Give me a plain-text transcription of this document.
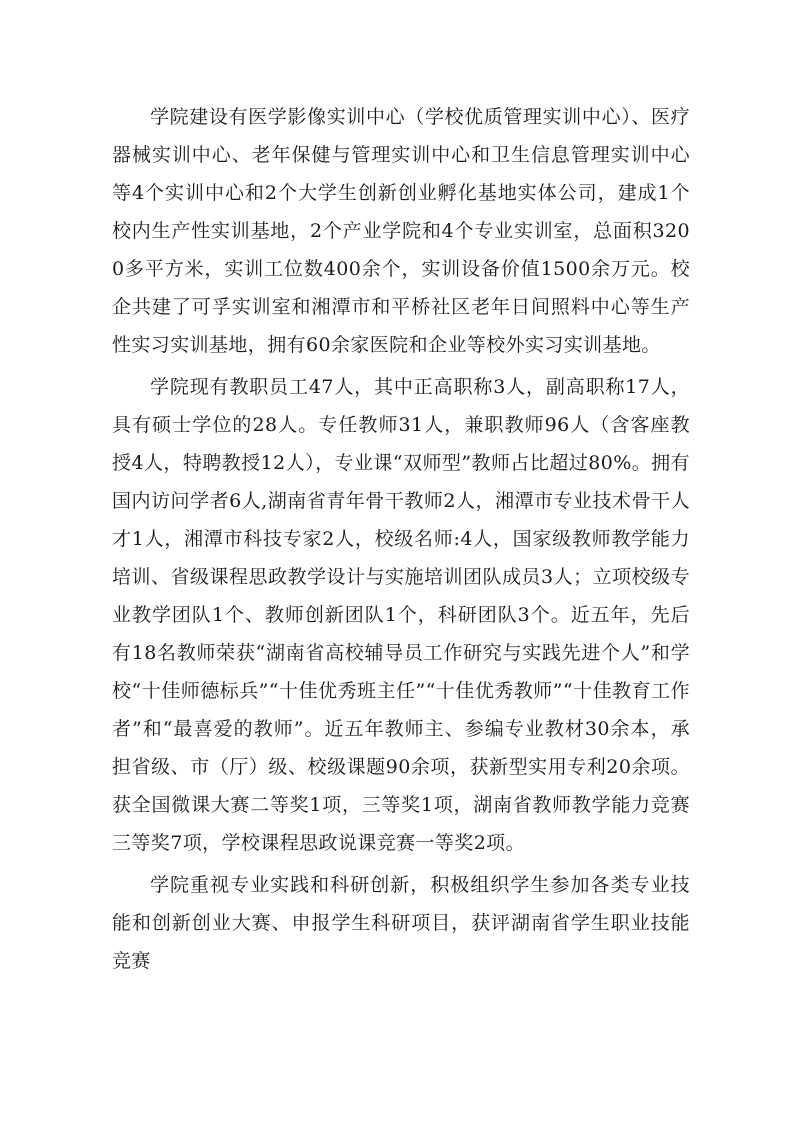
学院建设有医学影像实训中心（学校优质管理实训中心）、医疗器械实训中心、老年保健与管理实训中心和卫生信息管理实训中心等4个实训中心和2个大学生创新创业孵化基地实体公司，建成1个校内生产性实训基地，2个产业学院和4个专业实训室，总面积3200多平方米，实训工位数400余个，实训设备价值1500余万元。校企共建了可孚实训室和湘潭市和平桥社区老年日间照料中心等生产性实习实训基地，拥有60余家医院和企业等校外实习实训基地。

学院现有教职员工47人，其中正高职称3人，副高职称17人，具有硕士学位的28人。专任教师31人，兼职教师96人（含客座教授4人，特聘教授12人），专业课“双师型”教师占比超过80%。拥有国内访问学者6人,湖南省青年骨干教师2人，湘潭市专业技术骨干人才1人，湘潭市科技专家2人，校级名师:4人，国家级教师教学能力培训、省级课程思政教学设计与实施培训团队成员3人；立项校级专业教学团队1个、教师创新团队1个，科研团队3个。近五年，先后有18名教师荣获“湖南省高校辅导员工作研究与实践先进个人”和学校“十佳师德标兵”“十佳优秀班主任”“十佳优秀教师”“十佳教育工作者”和“最喜爱的教师”。近五年教师主、参编专业教材30余本，承担省级、市（厅）级、校级课题90余项，获新型实用专利20余项。获全国微课大赛二等奖1项，三等奖1项，湖南省教师教学能力竞赛三等奖7项，学校课程思政说课竞赛一等奖2项。

学院重视专业实践和科研创新，积极组织学生参加各类专业技能和创新创业大赛、申报学生科研项目，获评湖南省学生职业技能竞赛
